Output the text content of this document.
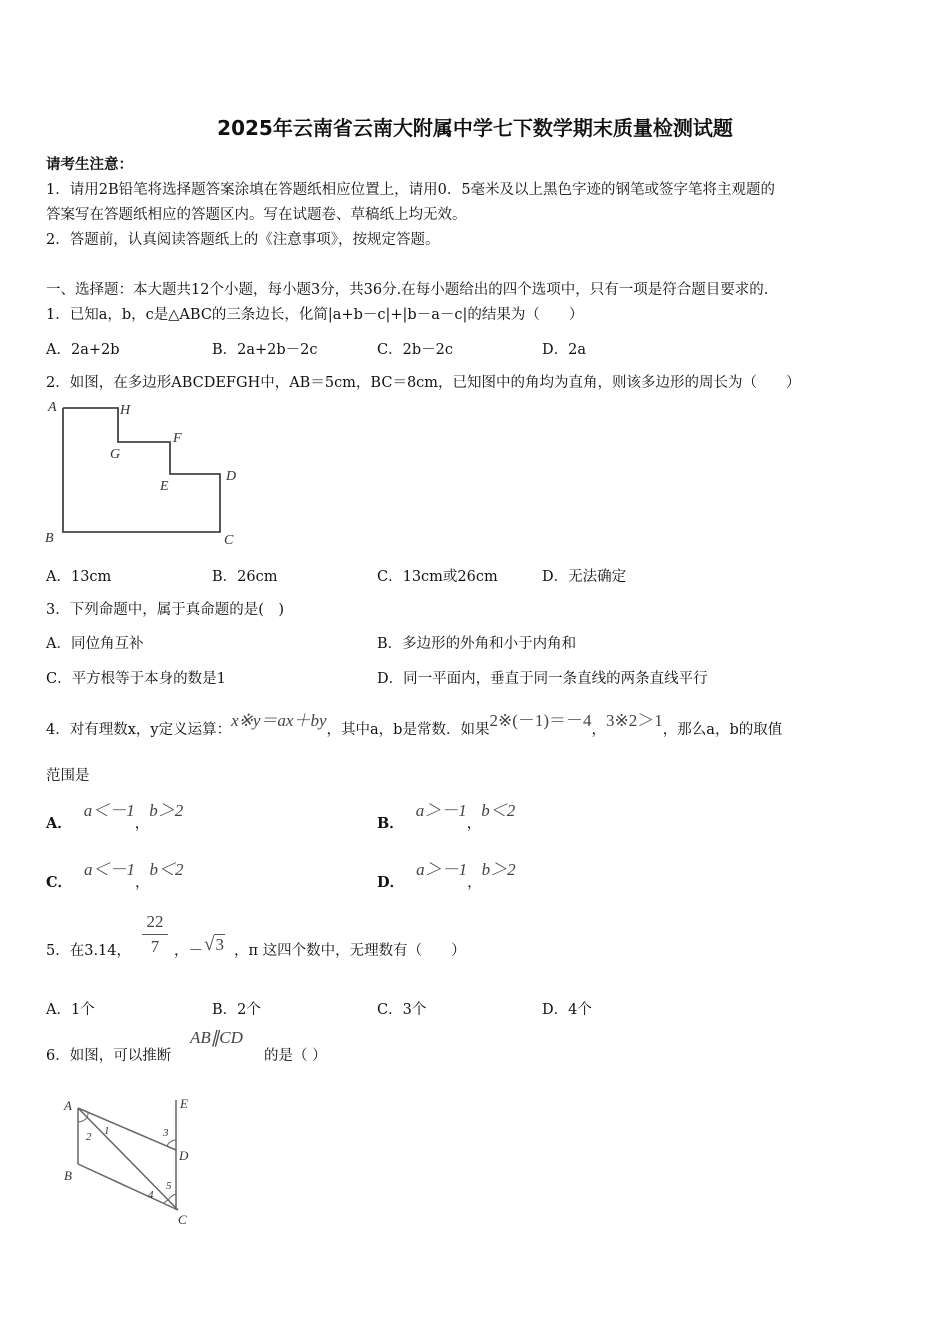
2025年云南省云南大附属中学七下数学期末质量检测试题
请考生注意：
1．请用2B铅笔将选择题答案涂填在答题纸相应位置上，请用0．5毫米及以上黑色字迹的钢笔或签字笔将主观题的
答案写在答题纸相应的答题区内。写在试题卷、草稿纸上均无效。
2．答题前，认真阅读答题纸上的《注意事项》，按规定答题。
一、选择题：本大题共12个小题，每小题3分，共36分.在每小题给出的四个选项中，只有一项是符合题目要求的.
1．已知a，b，c是△ABC的三条边长，化简|a+b－c|+|b－a－c|的结果为（　　）
A．2a+2b	B．2a+2b－2c	C．2b－2c	D．2a
2．如图，在多边形ABCDEFGH中，AB＝5cm，BC＝8cm，已知图中的角均为直角，则该多边形的周长为（　　）
A	H
F
G
E
D
B	C
A．13cm	B．26cm	C．13cm或26cm	D．无法确定
3．下列命题中，属于真命题的是(　)
A．同位角互补	B．多边形的外角和小于内角和
C．平方根等于本身的数是1	D．同一平面内，垂直于同一条直线的两条直线平行
4．对有理数x，y定义运算：x※y＝ax＋by，其中a，b是常数．如果2※(－1)＝－4，3※2＞1，那么a，b的取值
范围是
A．a＜－1，b＞2
B．a＞－1，b＜2
C．a＜－1，b＜2
D．a＞－1，b＞2
5．在3.14，
22
7	，－ √3 ，π 这四个数中，无理数有（　　）
A．1个	B．2个	C．3个	D．4个
6．如图，可以推断
AB∥CD
的是（ ）
A	E
B
C
D
1
2	3
4
5
